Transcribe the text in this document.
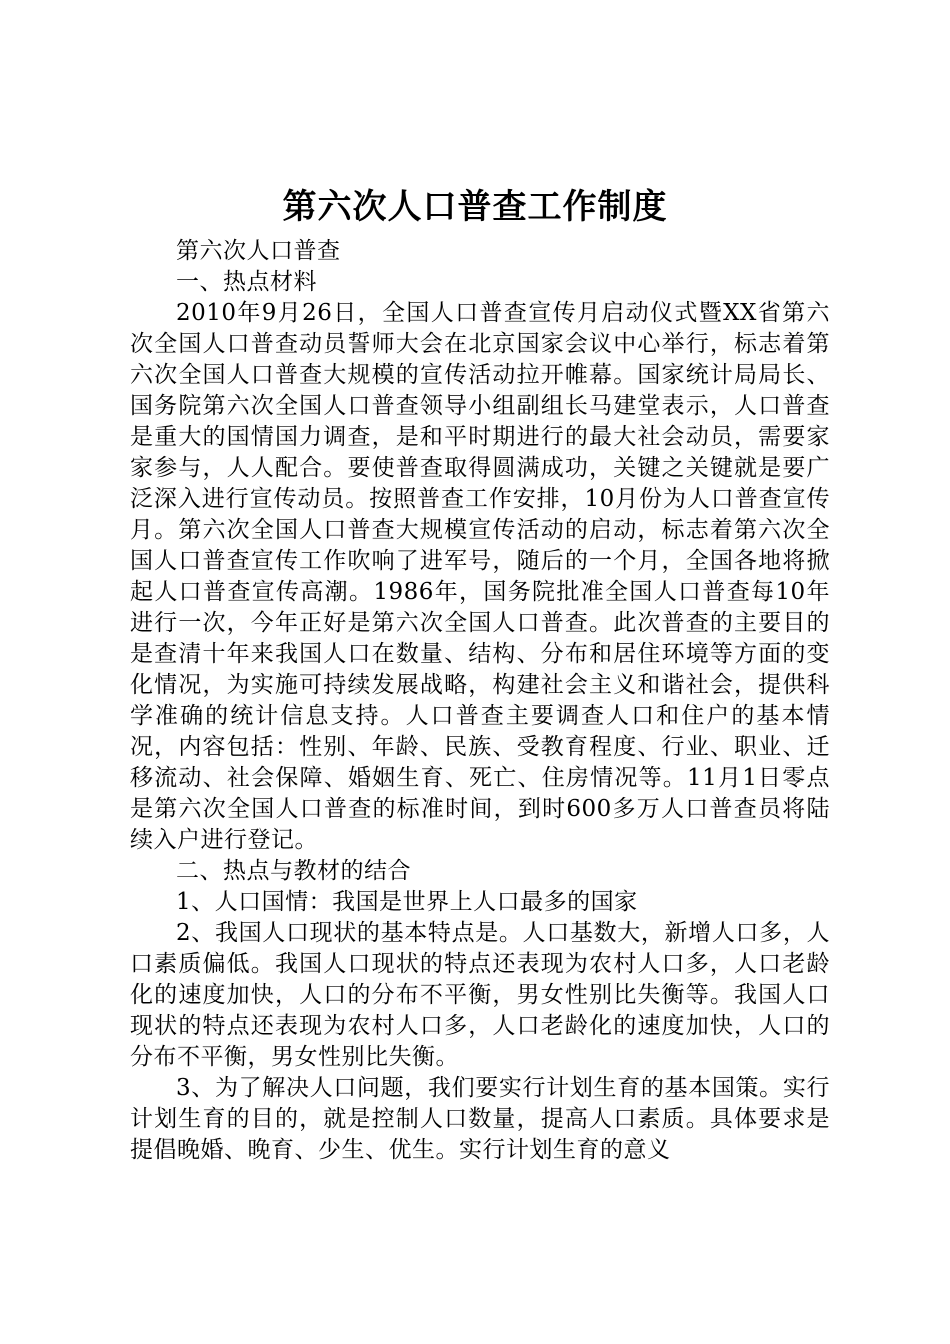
第六次人口普查工作制度

第六次人口普查

一、热点材料

2010年9月26日，全国人口普查宣传月启动仪式暨XX省第六次全国人口普查动员誓师大会在北京国家会议中心举行，标志着第六次全国人口普查大规模的宣传活动拉开帷幕。国家统计局局长、国务院第六次全国人口普查领导小组副组长马建堂表示，人口普查是重大的国情国力调查，是和平时期进行的最大社会动员，需要家家参与，人人配合。要使普查取得圆满成功，关键之关键就是要广泛深入进行宣传动员。按照普查工作安排，10月份为人口普查宣传月。第六次全国人口普查大规模宣传活动的启动，标志着第六次全国人口普查宣传工作吹响了进军号，随后的一个月，全国各地将掀起人口普查宣传高潮。1986年，国务院批准全国人口普查每10年进行一次，今年正好是第六次全国人口普查。此次普查的主要目的是查清十年来我国人口在数量、结构、分布和居住环境等方面的变化情况，为实施可持续发展战略，构建社会主义和谐社会，提供科学准确的统计信息支持。人口普查主要调查人口和住户的基本情况，内容包括：性别、年龄、民族、受教育程度、行业、职业、迁移流动、社会保障、婚姻生育、死亡、住房情况等。11月1日零点是第六次全国人口普查的标准时间，到时600多万人口普查员将陆续入户进行登记。

二、热点与教材的结合

1、人口国情：我国是世界上人口最多的国家

2、我国人口现状的基本特点是。人口基数大，新增人口多，人口素质偏低。我国人口现状的特点还表现为农村人口多，人口老龄化的速度加快，人口的分布不平衡，男女性别比失衡等。我国人口现状的特点还表现为农村人口多，人口老龄化的速度加快，人口的分布不平衡，男女性别比失衡。

3、为了解决人口问题，我们要实行计划生育的基本国策。实行计划生育的目的，就是控制人口数量，提高人口素质。具体要求是提倡晚婚、晚育、少生、优生。实行计划生育的意义
